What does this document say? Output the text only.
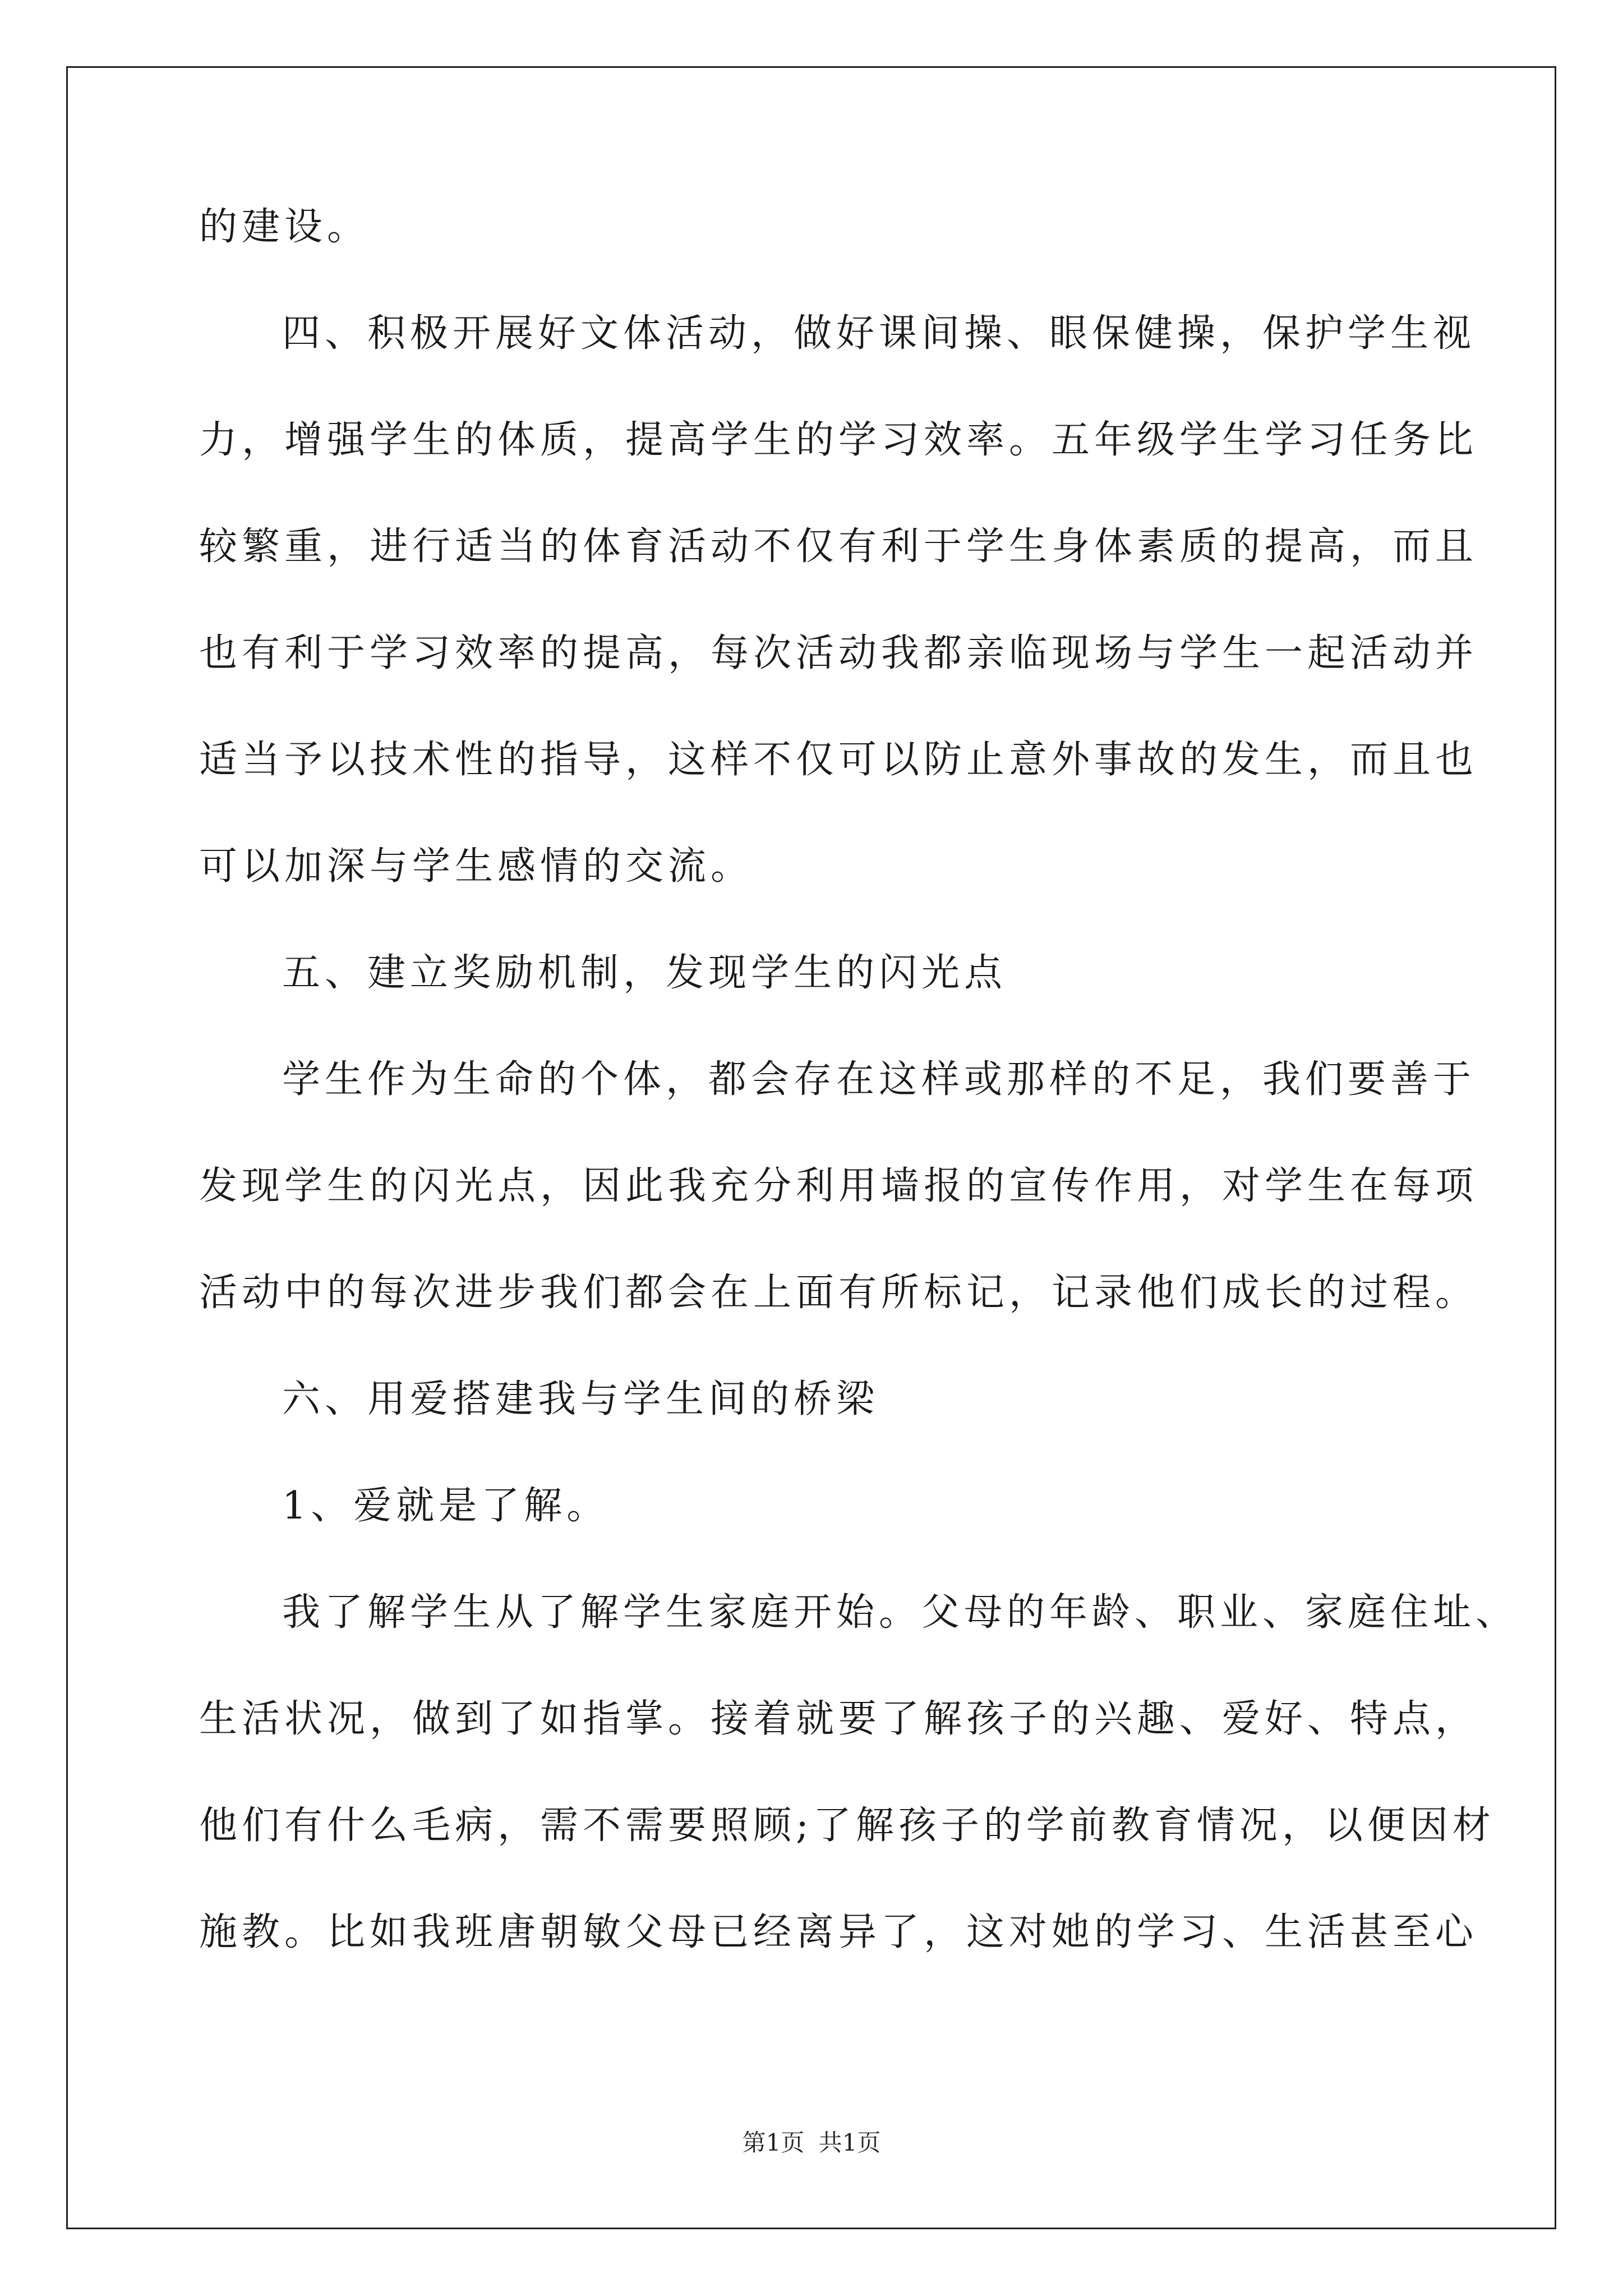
的建设。
四、积极开展好文体活动，做好课间操、眼保健操，保护学生视
力，增强学生的体质，提高学生的学习效率。五年级学生学习任务比
较繁重，进行适当的体育活动不仅有利于学生身体素质的提高，而且
也有利于学习效率的提高，每次活动我都亲临现场与学生一起活动并
适当予以技术性的指导，这样不仅可以防止意外事故的发生，而且也
可以加深与学生感情的交流。
五、建立奖励机制，发现学生的闪光点
学生作为生命的个体，都会存在这样或那样的不足，我们要善于
发现学生的闪光点，因此我充分利用墙报的宣传作用，对学生在每项
活动中的每次进步我们都会在上面有所标记，记录他们成长的过程。
六、用爱搭建我与学生间的桥梁
1、爱就是了解。
我了解学生从了解学生家庭开始。父母的年龄、职业、家庭住址、
生活状况，做到了如指掌。接着就要了解孩子的兴趣、爱好、特点，
他们有什么毛病，需不需要照顾;了解孩子的学前教育情况，以便因材
施教。比如我班唐朝敏父母已经离异了，这对她的学习、生活甚至心
第1页 共1页
